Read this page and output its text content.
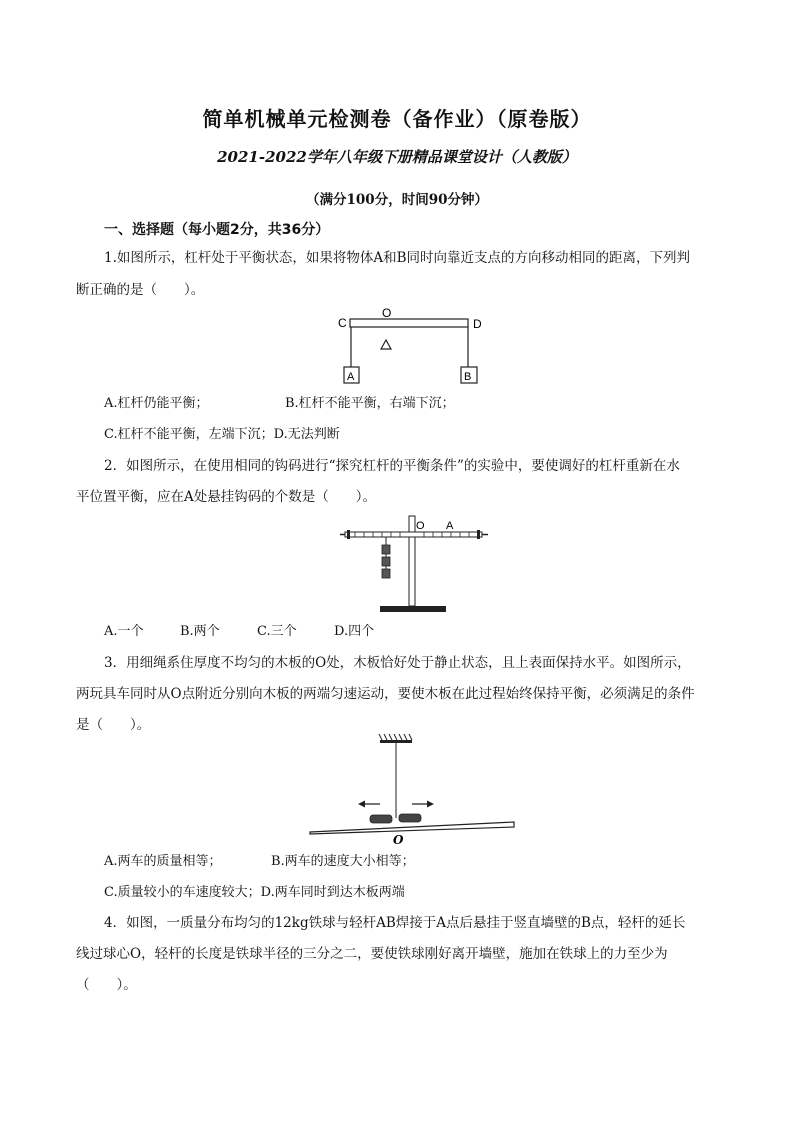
简单机械单元检测卷（备作业）（原卷版）
2021-2022学年八年级下册精品课堂设计（人教版）
（满分100分，时间90分钟）
一、选择题（每小题2分，共36分）
1.如图所示，杠杆处于平衡状态，如果将物体A和B同时向靠近支点的方向移动相同的距离，下列判
断正确的是（　　）。
C
O
D
A	B
A.杠杆仍能平衡；	B.杠杆不能平衡，右端下沉；
C.杠杆不能平衡，左端下沉；D.无法判断
2．如图所示，在使用相同的钩码进行“探究杠杆的平衡条件”的实验中，要使调好的杠杆重新在水
平位置平衡，应在A处悬挂钩码的个数是（　　）。
O A
A.一个	B.两个	C.三个	D.四个
3．用细绳系住厚度不均匀的木板的O处，木板恰好处于静止状态，且上表面保持水平。如图所示，
两玩具车同时从O点附近分别向木板的两端匀速运动，要使木板在此过程始终保持平衡，必须满足的条件
是（　　）。
O
A.两车的质量相等；	B.两车的速度大小相等；
C.质量较小的车速度较大；D.两车同时到达木板两端
4．如图，一质量分布均匀的12kg铁球与轻杆AB焊接于A点后悬挂于竖直墙壁的B点，轻杆的延长
线过球心O，轻杆的长度是铁球半径的三分之二，要使铁球刚好离开墙壁，施加在铁球上的力至少为
（　　）。
